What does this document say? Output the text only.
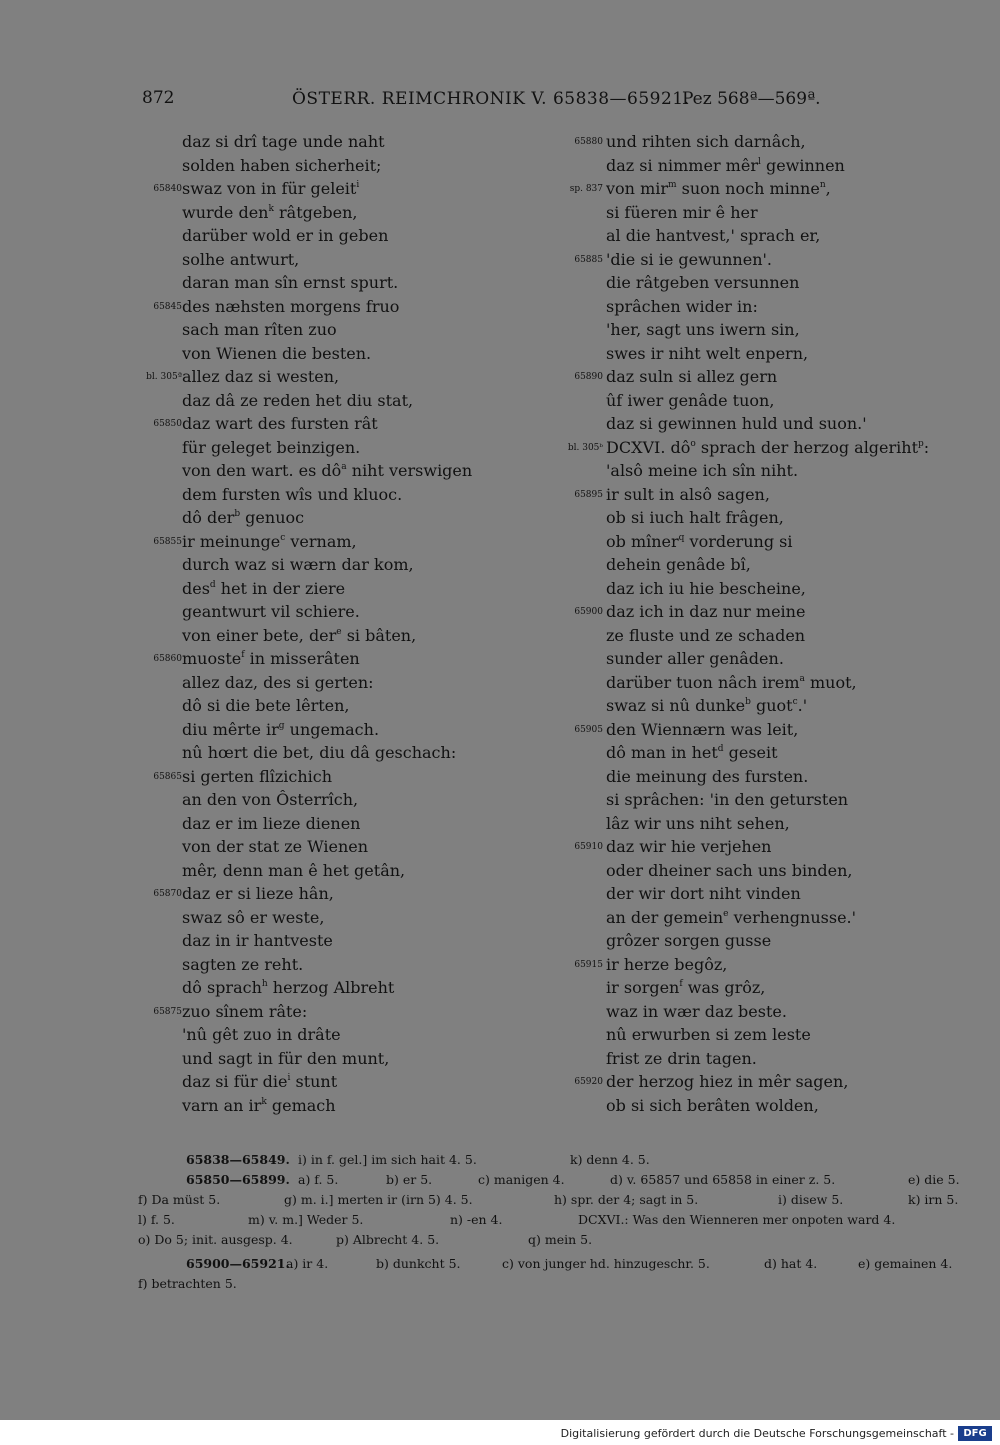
872	ÖSTERR. REIMCHRONIK V. 65838—65921.
Pez 568ª—569ª.
daz si drî tage unde naht
solden haben sicherheit;
65840 swaz von in für geleit$^i$
wurde den$^k$ râtgeben,
darüber wold er in geben
solhe antwurt,
daran man sîn ernst spurt.
65845 des næhsten morgens fruo
sach man rîten zuo
von Wienen die besten.
bl. 305ª allez daz si westen,
daz dâ ze reden het diu stat,
65850 daz wart des fursten rât
für geleget beinzigen.
von den wart. es $dô^a$ niht verswigen
dem fursten wîs und kluoc.
dô der$^b$ genuoc
65855 ir meinunge$^c$ vernam,
durch waz si wærn dar kom,
des$^d$ het in der ziere
geantwurt vil schiere.
von einer bete, der$^e$ si bâten,
65860 muoste$^f$ in misserâten
allez daz, des si gerten:
dô si die bete lêrten,
diu mêrte $ir^g$ ungemach.
nû hœrt die bet, diu dâ geschach:
65865 si gerten flîzichich
an den von Ôsterrîch,
daz er im lieze dienen
von der stat ze Wienen
mêr, denn man ê het getân,
65870 daz er si lieze hân,
swaz sô er weste,
daz in ir hantveste
sagten ze reht.
dô sprach$^h$ herzog Albreht
65875 zuo sînem râte:
'nû gêt zuo in drâte
und sagt in für den munt,
daz si für die$^i$ stunt
varn an $ir^k$ gemach
65880 und rihten sich darnâch,
daz si nimmer mêr$^l$ gewinnen
sp. 837 von mir$^m$ suon noch minne$^n$,
si füeren mir ê her
al die hantvest,' sprach er,
65885 'die si ie gewunnen'.
die râtgeben versunnen
sprâchen wider in:
'her, sagt uns iwern sin,
swes ir niht welt enpern,
65890 daz suln si allez gern
ûf iwer genâde tuon,
daz si gewinnen huld und suon.'
bl. 305ᵇ DCXVI. $dô^o$ sprach der herzog algeriht$^p$:
'alsô meine ich sîn niht.
65895 ir sult in alsô sagen,
ob si iuch halt frâgen,
ob mîner$^q$ vorderung si
dehein genâde bî,
daz ich iu hie bescheine,
65900 daz ich in daz nur meine
ze fluste und ze schaden
sunder aller genâden.
darüber tuon nâch irem$^a$ muot,
swaz si nû dunke$^b$ guot$^c$.'
65905 den Wiennærn was leit,
dô man in het$^d$ geseit
die meinung des fursten.
si sprâchen: 'in den getursten
lâz wir uns niht sehen,
65910 daz wir hie verjehen
oder dheiner sach uns binden,
der wir dort niht vinden
an der gemein$^e$ verhengnusse.'
grôzer sorgen gusse
65915 ir herze begôz,
ir sorgen$^f$ was grôz,
waz in wær daz beste.
nû erwurben si zem leste
frist ze drin tagen.
65920 der herzog hiez in mêr sagen,
ob si sich berâten wolden,
65838—65849. i) in f. gel.] im sich hait 4. 5.	k) denn 4. 5.
65850—65899. a) f. 5.	b) er 5.	c) manigen 4.	d) v. 65857 und 65858 in einer z. 5.	e) die 5.
f) Da müst 5.	g) m. i.] merten ir (irn 5) 4. 5.	h) spr. der 4; sagt in 5.	i) disew 5.	k) irn 5.
l) f. 5.	m) v. m.] Weder 5.	n) -en 4.	DCXVI.: Was den Wienneren mer onpoten ward 4.
o) Do 5; init. ausgesp. 4.	p) Albrecht 4. 5.	q) mein 5.
65900—65921.
a) ir 4.	b) dunkcht 5.	c) von junger hd. hinzugeschr. 5.	d) hat 4.	e) gemainen 4.
f) betrachten 5.
Digitalisierung gefördert durch die Deutsche Forschungsgemeinschaft - DFG
